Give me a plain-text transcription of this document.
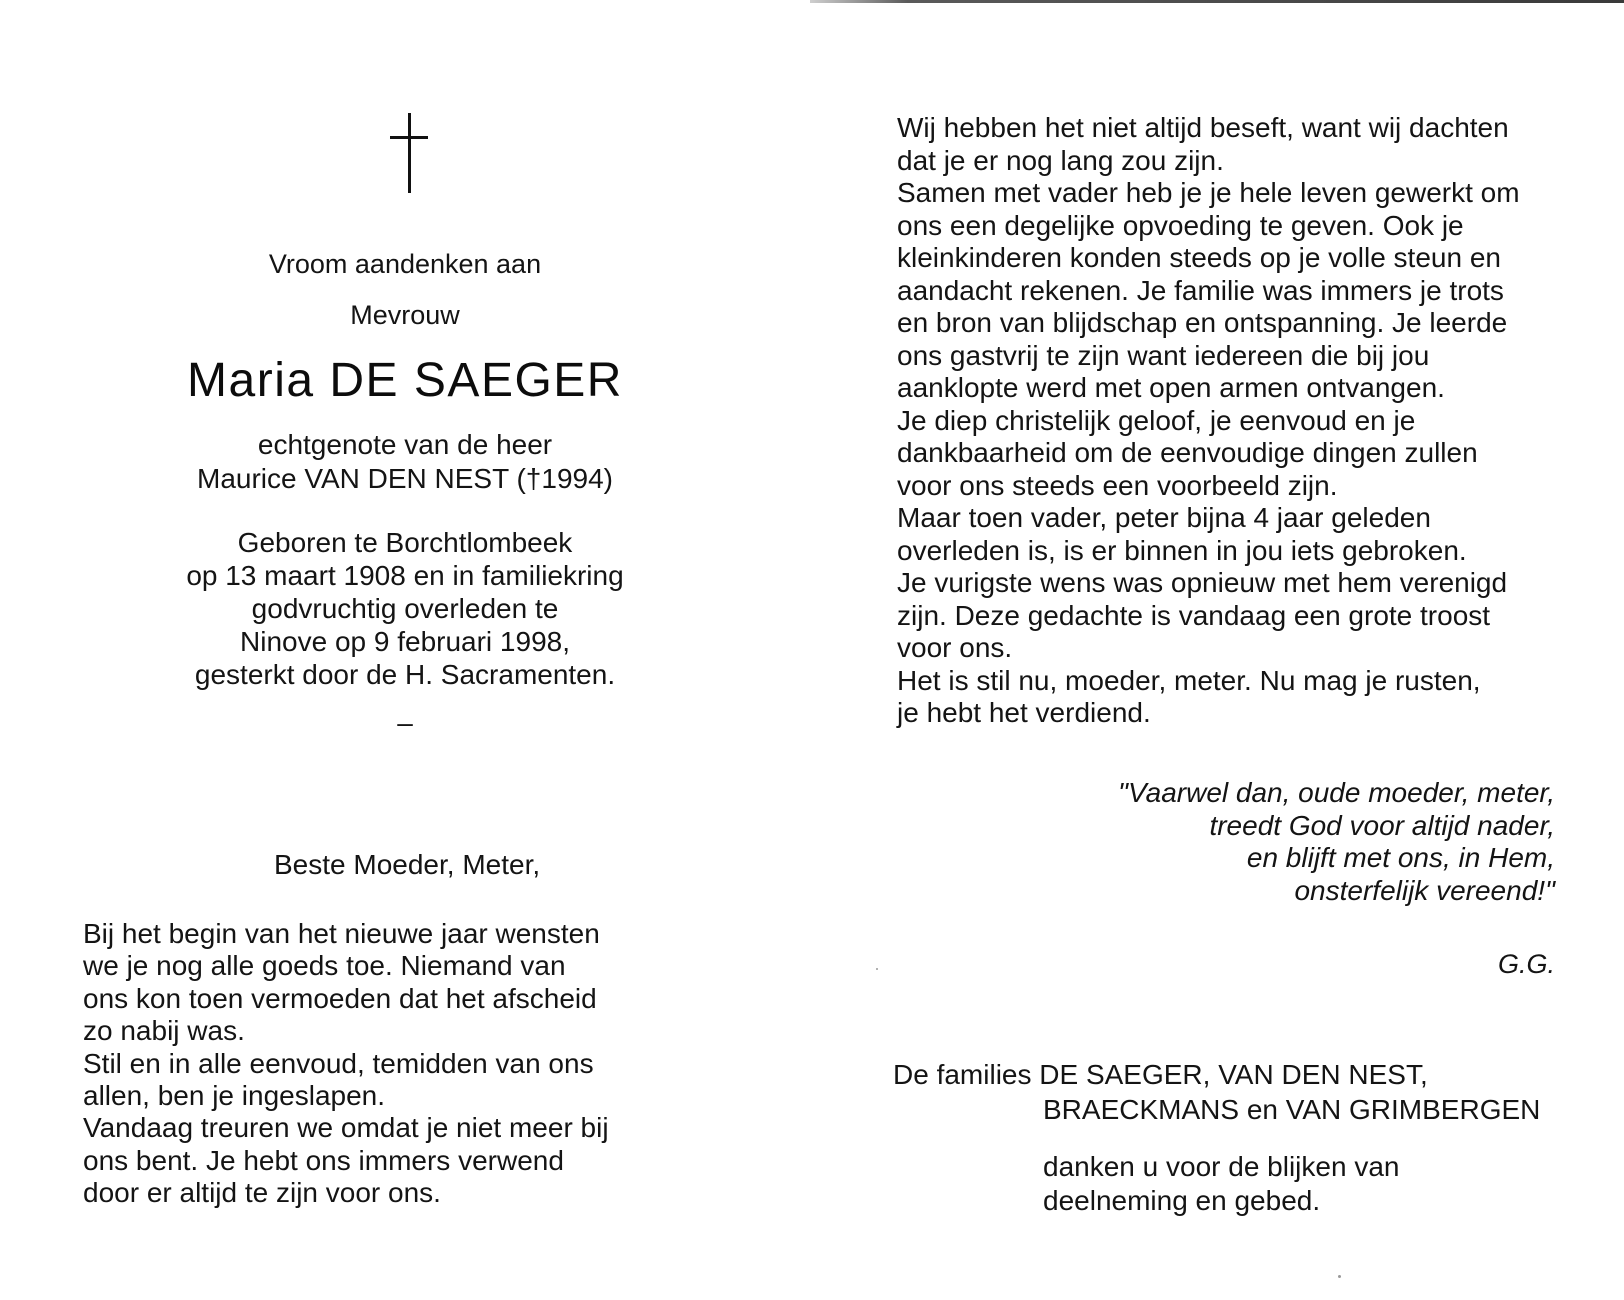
Vroom aandenken aan
Mevrouw
Maria DE SAEGER
echtgenote van de heer
Maurice VAN DEN NEST (†1994)
Geboren te Borchtlombeek
op 13 maart 1908 en in familiekring
godvruchtig overleden te
Ninove op 9 februari 1998,
gesterkt door de H. Sacramenten.
–

Beste Moeder, Meter,

Bij het begin van het nieuwe jaar wensten
we je nog alle goeds toe. Niemand van
ons kon toen vermoeden dat het afscheid
zo nabij was.
Stil en in alle eenvoud, temidden van ons
allen, ben je ingeslapen.
Vandaag treuren we omdat je niet meer bij
ons bent. Je hebt ons immers verwend
door er altijd te zijn voor ons.
Wij hebben het niet altijd beseft, want wij dachten
dat je er nog lang zou zijn.
Samen met vader heb je je hele leven gewerkt om
ons een degelijke opvoeding te geven. Ook je
kleinkinderen konden steeds op je volle steun en
aandacht rekenen. Je familie was immers je trots
en bron van blijdschap en ontspanning. Je leerde
ons gastvrij te zijn want iedereen die bij jou
aanklopte werd met open armen ontvangen.
Je diep christelijk geloof, je eenvoud en je
dankbaarheid om de eenvoudige dingen zullen
voor ons steeds een voorbeeld zijn.
Maar toen vader, peter bijna 4 jaar geleden
overleden is, is er binnen in jou iets gebroken.
Je vurigste wens was opnieuw met hem verenigd
zijn. Deze gedachte is vandaag een grote troost
voor ons.
Het is stil nu, moeder, meter. Nu mag je rusten,
je hebt het verdiend.
"Vaarwel dan, oude moeder, meter,
treedt God voor altijd nader,
en blijft met ons, in Hem,
onsterfelijk vereend!"

G.G.

De families DE SAEGER, VAN DEN NEST,

BRAECKMANS en VAN GRIMBERGEN

danken u voor de blijken van
deelneming en gebed.
